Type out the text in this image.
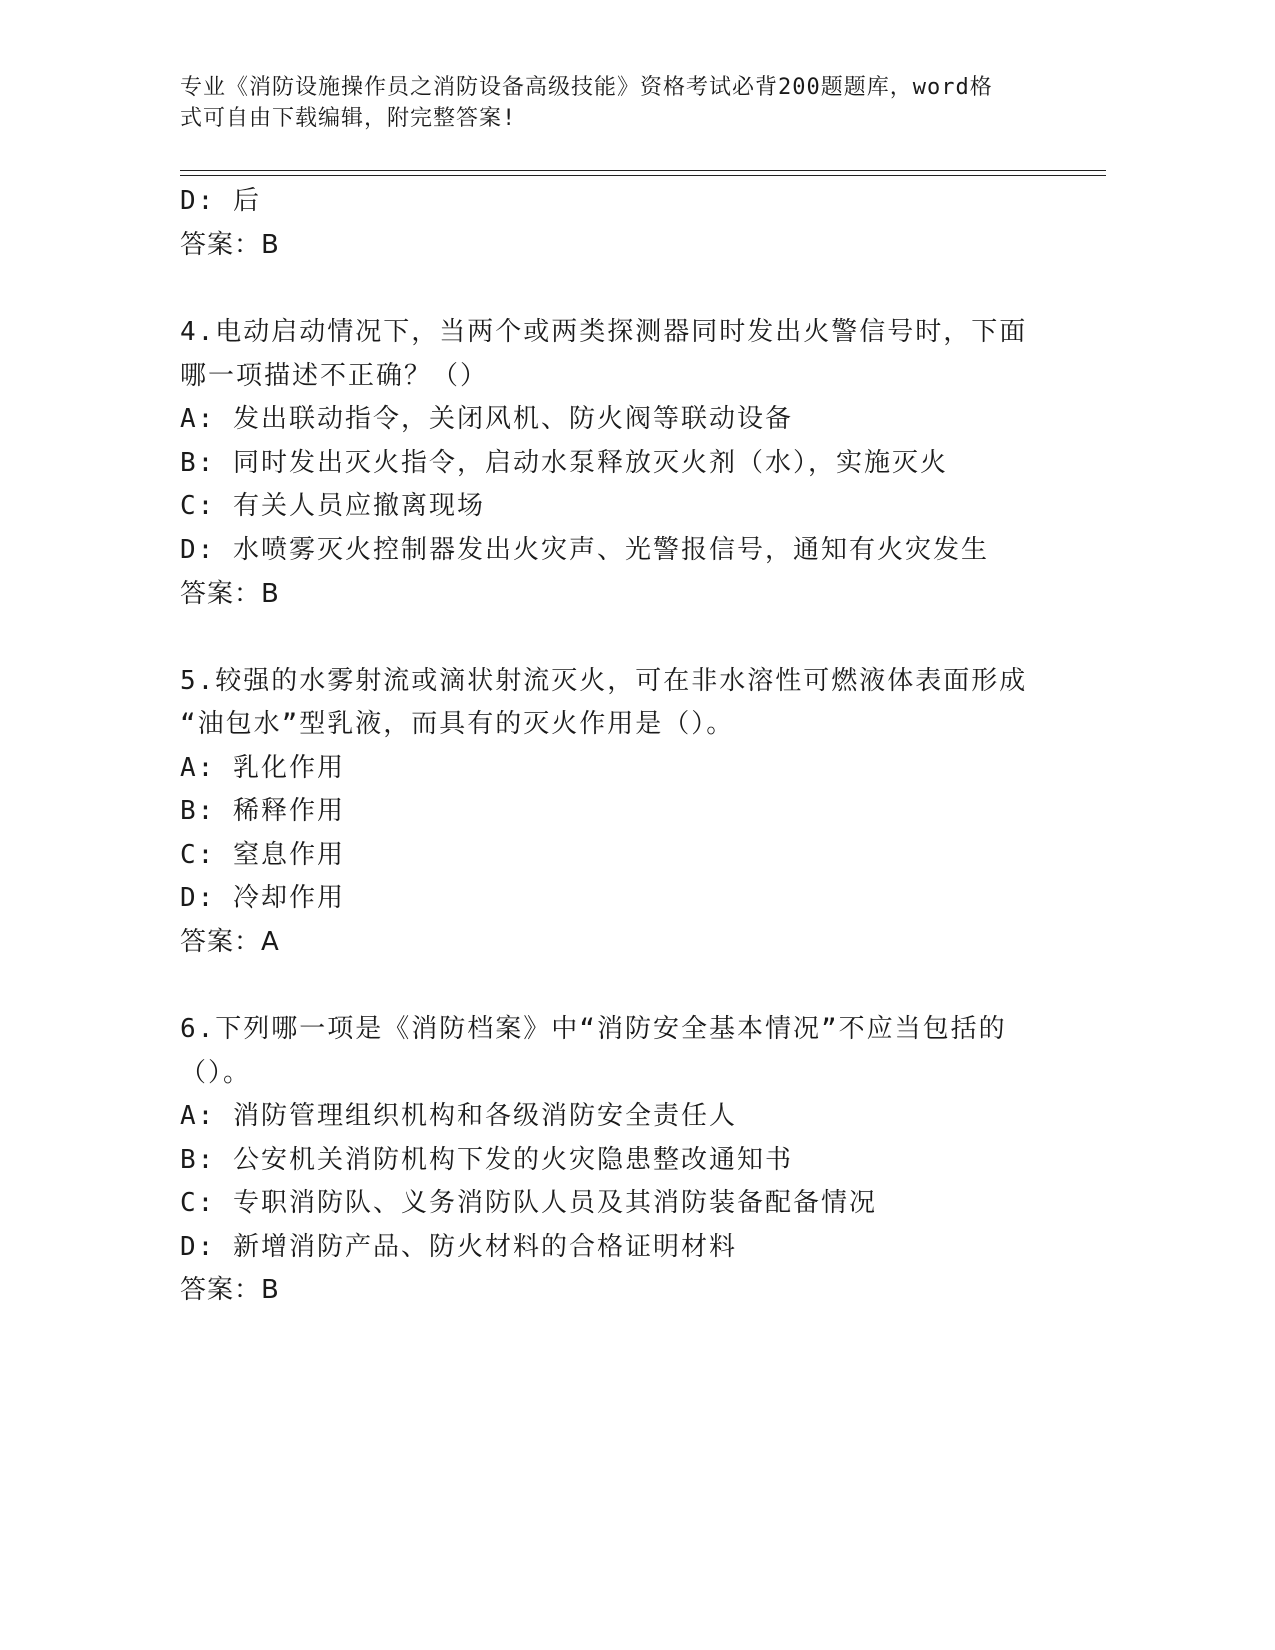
专业《消防设施操作员之消防设备高级技能》资格考试必背200题题库，word格
式可自由下载编辑，附完整答案!
D: 后
答案：B
4.电动启动情况下，当两个或两类探测器同时发出火警信号时，下面
哪一项描述不正确？（）
A: 发出联动指令，关闭风机、防火阀等联动设备
B: 同时发出灭火指令，启动水泵释放灭火剂（水），实施灭火
C: 有关人员应撤离现场
D: 水喷雾灭火控制器发出火灾声、光警报信号，通知有火灾发生
答案：B
5.较强的水雾射流或滴状射流灭火，可在非水溶性可燃液体表面形成
“油包水”型乳液，而具有的灭火作用是（）。
A: 乳化作用
B: 稀释作用
C: 窒息作用
D: 冷却作用
答案：A
6.下列哪一项是《消防档案》中“消防安全基本情况”不应当包括的
（）。
A: 消防管理组织机构和各级消防安全责任人
B: 公安机关消防机构下发的火灾隐患整改通知书
C: 专职消防队、义务消防队人员及其消防装备配备情况
D: 新增消防产品、防火材料的合格证明材料
答案：B
